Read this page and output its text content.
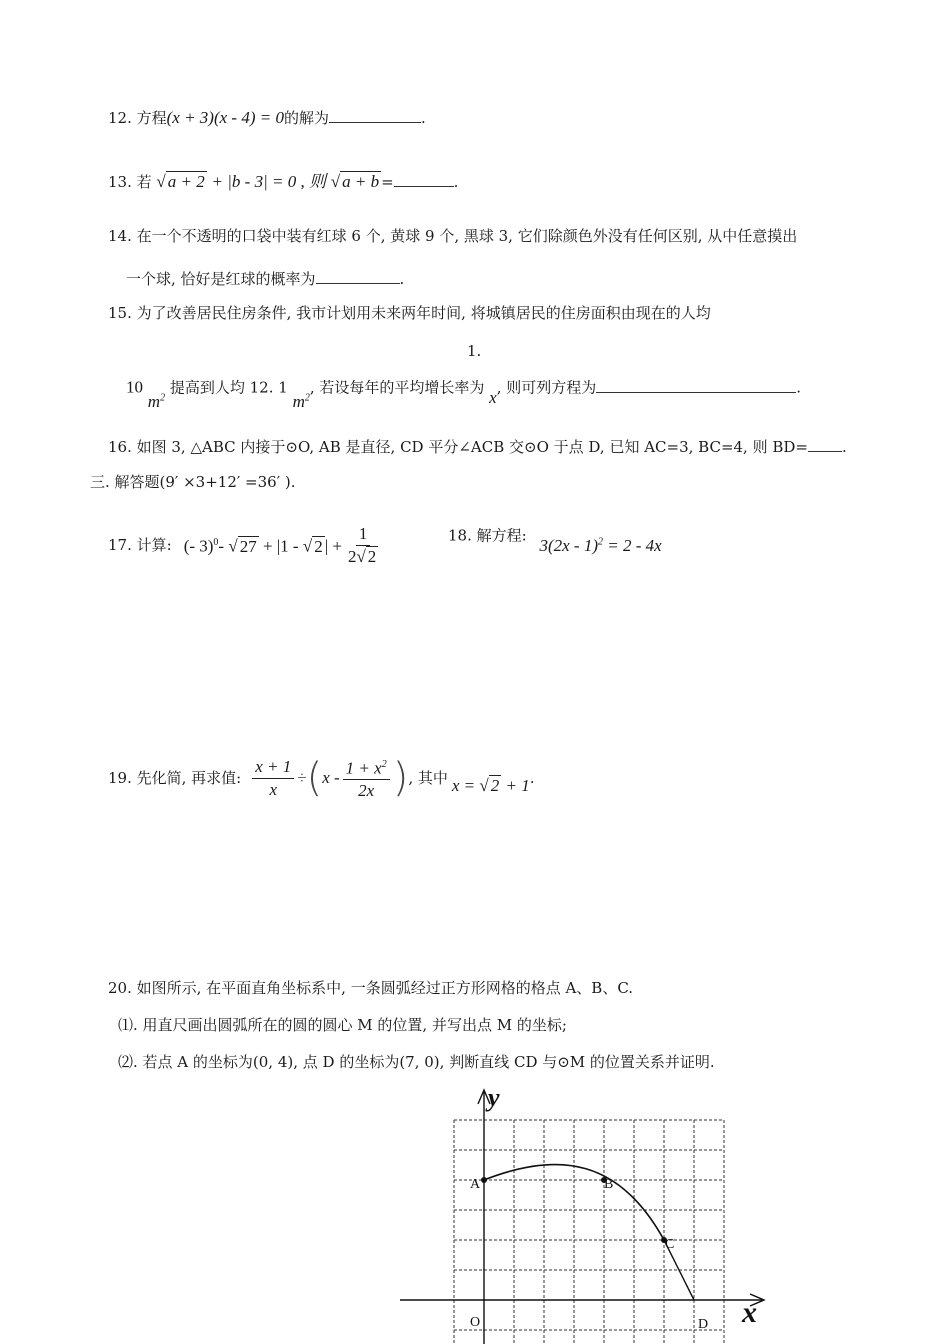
12. 方程(x + 3)(x - 4) = 0的解为	.
13. 若 √ a + 2 + |b - 3| = 0 , 则 √ a + b =	.
14. 在一个不透明的口袋中装有红球 6 个, 黄球 9 个, 黑球 3, 它们除颜色外没有任何区别, 从中任意摸出
一个球, 恰好是红球的概率为	.
15. 为了改善居民住房条件, 我市计划用未来两年时间, 将城镇居民的住房面积由现在的人均
1.
10 $m^2$ 提高到人均 12. 1 $m^2$, 若设每年的平均增长率为 x, 则可列方程为	.
16. 如图 3, △ABC 内接于⊙O, AB 是直径, CD 平分∠ACB 交⊙O 于点 D, 已知 AC=3, BC=4, 则 BD= .
三. 解答题(9′ ×3+12′ =36′ ).
17. 计算: (- 3)$^0$- √ 27 + |1 - √ 2 | + $\frac{1}{2√ 2}$	18. 解方程: 3(2x - 1)$^2$ = 2 - 4x
19. 先化简, 再求值: $\frac{x + 1}{x}$ ÷ ( x - $\frac{1 + x^2}{2x}$ ) , 其中 x = √ 2 + 1 .
20. 如图所示, 在平面直角坐标系中, 一条圆弧经过正方形网格的格点 A、B、C.
⑴. 用直尺画出圆弧所在的圆的圆心 M 的位置, 并写出点 M 的坐标;
⑵. 若点 A 的坐标为(0, 4), 点 D 的坐标为(7, 0), 判断直线 CD 与⊙M 的位置关系并证明.
y
x
O
A	B
C
D
